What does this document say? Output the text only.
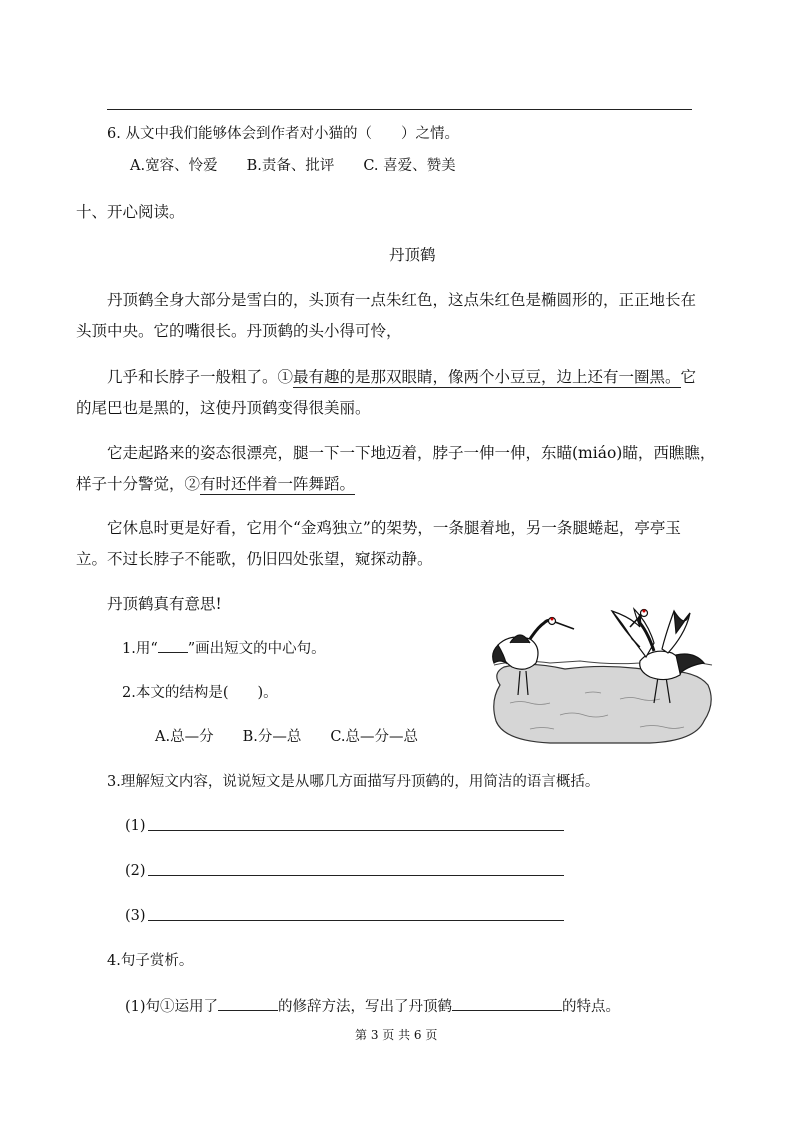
6. 从文中我们能够体会到作者对小猫的（　　）之情。
A.宽容、怜爱　　B.责备、批评　　C. 喜爱、赞美
十、开心阅读。
丹顶鹤
丹顶鹤全身大部分是雪白的，头顶有一点朱红色，这点朱红色是椭圆形的，正正地长在
头顶中央。它的嘴很长。丹顶鹤的头小得可怜，
几乎和长脖子一般粗了。①最有趣的是那双眼睛，像两个小豆豆，边上还有一圈黑。它
的尾巴也是黑的，这使丹顶鹤变得很美丽。
它走起路来的姿态很漂亮，腿一下一下地迈着，脖子一伸一伸，东瞄(miáo)瞄，西瞧瞧，
样子十分警觉，②有时还伴着一阵舞蹈。
它休息时更是好看，它用个“金鸡独立”的架势，一条腿着地，另一条腿蜷起，亭亭玉
立。不过长脖子不能歌，仍旧四处张望，窥探动静。
丹顶鹤真有意思!
1.用“ ”画出短文的中心句。
2.本文的结构是(　　)。
A.总—分　　B.分—总　　C.总—分—总
3.理解短文内容，说说短文是从哪几方面描写丹顶鹤的，用简洁的语言概括。
(1)
(2)
(3)
4.句子赏析。
(1)句①运用了	的修辞方法，写出了丹顶鹤	的特点。
第 3 页 共 6 页
